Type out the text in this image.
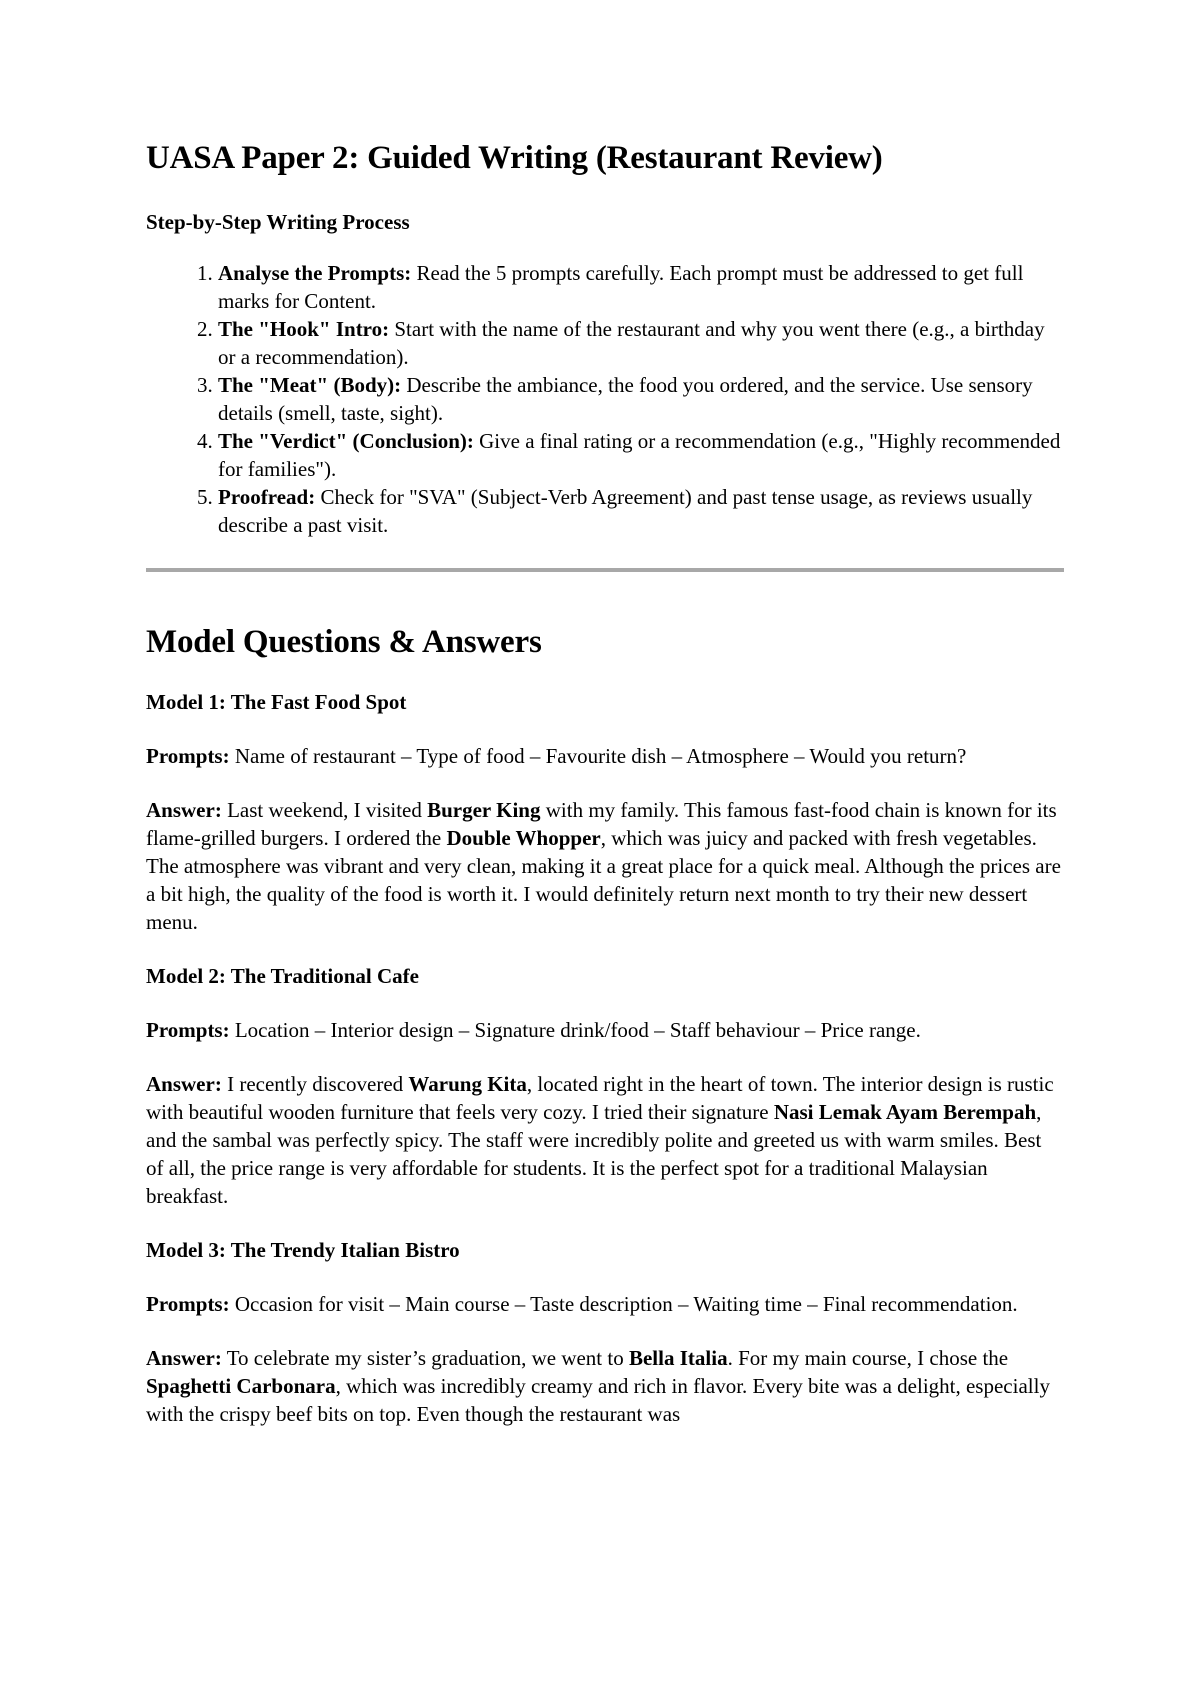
UASA Paper 2: Guided Writing (Restaurant Review)
Step-by-Step Writing Process
1. Analyse the Prompts: Read the 5 prompts carefully. Each prompt must be addressed to get full marks for Content.
2. The "Hook" Intro: Start with the name of the restaurant and why you went there (e.g., a birthday or a recommendation).
3. The "Meat" (Body): Describe the ambiance, the food you ordered, and the service. Use sensory details (smell, taste, sight).
4. The "Verdict" (Conclusion): Give a final rating or a recommendation (e.g., "Highly recommended for families").
5. Proofread: Check for "SVA" (Subject-Verb Agreement) and past tense usage, as reviews usually describe a past visit.
Model Questions & Answers
Model 1: The Fast Food Spot

Prompts: Name of restaurant – Type of food – Favourite dish – Atmosphere – Would you return?

Answer: Last weekend, I visited Burger King with my family. This famous fast-food chain is known for its flame-grilled burgers. I ordered the Double Whopper, which was juicy and packed with fresh vegetables. The atmosphere was vibrant and very clean, making it a great place for a quick meal. Although the prices are a bit high, the quality of the food is worth it. I would definitely return next month to try their new dessert menu.

Model 2: The Traditional Cafe

Prompts: Location – Interior design – Signature drink/food – Staff behaviour – Price range.

Answer: I recently discovered Warung Kita, located right in the heart of town. The interior design is rustic with beautiful wooden furniture that feels very cozy. I tried their signature Nasi Lemak Ayam Berempah, and the sambal was perfectly spicy. The staff were incredibly polite and greeted us with warm smiles. Best of all, the price range is very affordable for students. It is the perfect spot for a traditional Malaysian breakfast.

Model 3: The Trendy Italian Bistro

Prompts: Occasion for visit – Main course – Taste description – Waiting time – Final recommendation.

Answer: To celebrate my sister’s graduation, we went to Bella Italia. For my main course, I chose the Spaghetti Carbonara, which was incredibly creamy and rich in flavor. Every bite was a delight, especially with the crispy beef bits on top. Even though the restaurant was
